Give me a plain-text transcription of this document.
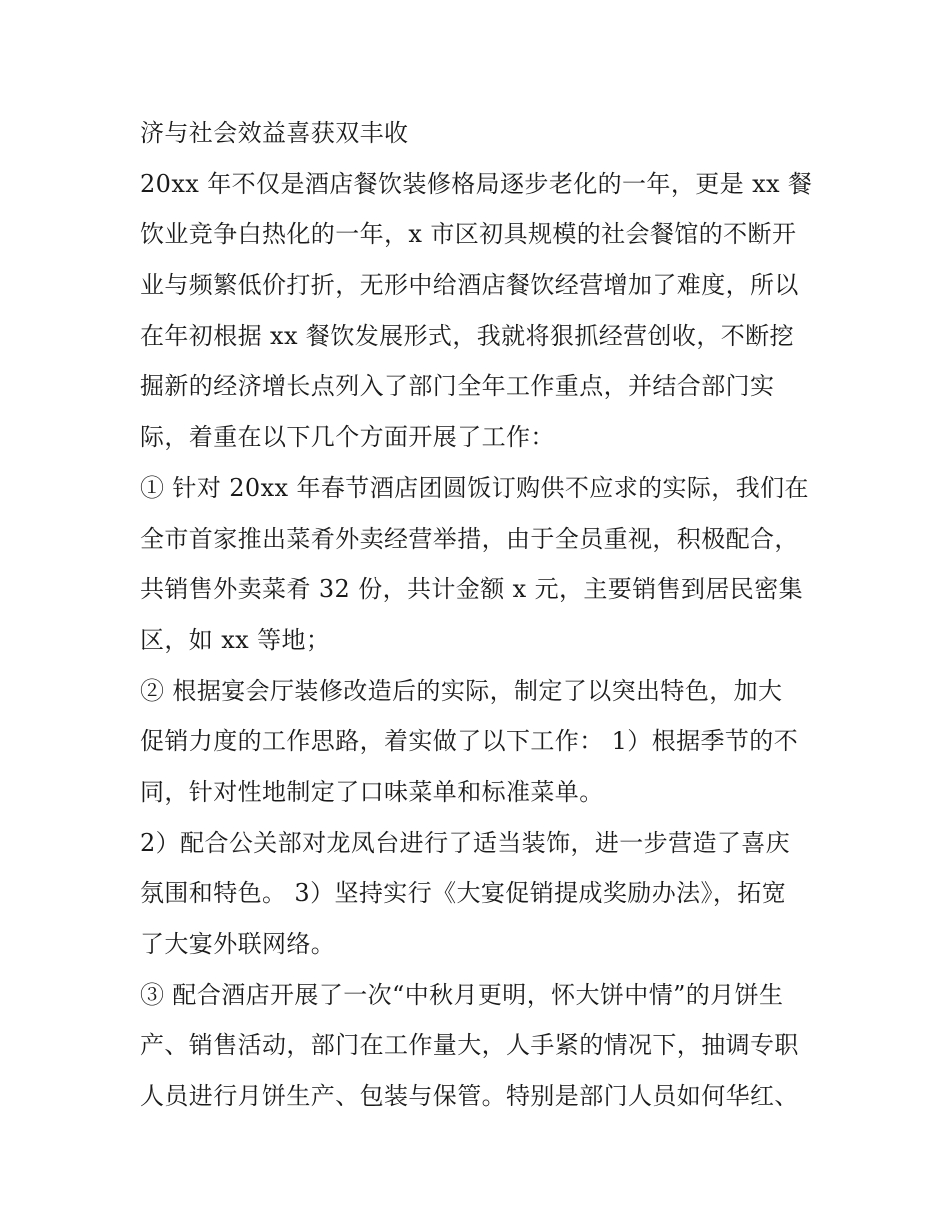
济与社会效益喜获双丰收
20xx 年不仅是酒店餐饮装修格局逐步老化的一年，更是 xx 餐
饮业竞争白热化的一年，x 市区初具规模的社会餐馆的不断开
业与频繁低价打折，无形中给酒店餐饮经营增加了难度，所以
在年初根据 xx 餐饮发展形式，我就将狠抓经营创收，不断挖
掘新的经济增长点列入了部门全年工作重点，并结合部门实
际，着重在以下几个方面开展了工作：
① 针对 20xx 年春节酒店团圆饭订购供不应求的实际，我们在
全市首家推出菜肴外卖经营举措，由于全员重视，积极配合，
共销售外卖菜肴 32 份，共计金额 x 元，主要销售到居民密集
区，如 xx 等地；
② 根据宴会厅装修改造后的实际，制定了以突出特色，加大
促销力度的工作思路，着实做了以下工作： 1）根据季节的不
同，针对性地制定了口味菜单和标准菜单。
2）配合公关部对龙凤台进行了适当装饰，进一步营造了喜庆
氛围和特色。 3）坚持实行《大宴促销提成奖励办法》，拓宽
了大宴外联网络。
③ 配合酒店开展了一次“中秋月更明，怀大饼中情”的月饼生
产、销售活动，部门在工作量大，人手紧的情况下，抽调专职
人员进行月饼生产、包装与保管。特别是部门人员如何华红、
